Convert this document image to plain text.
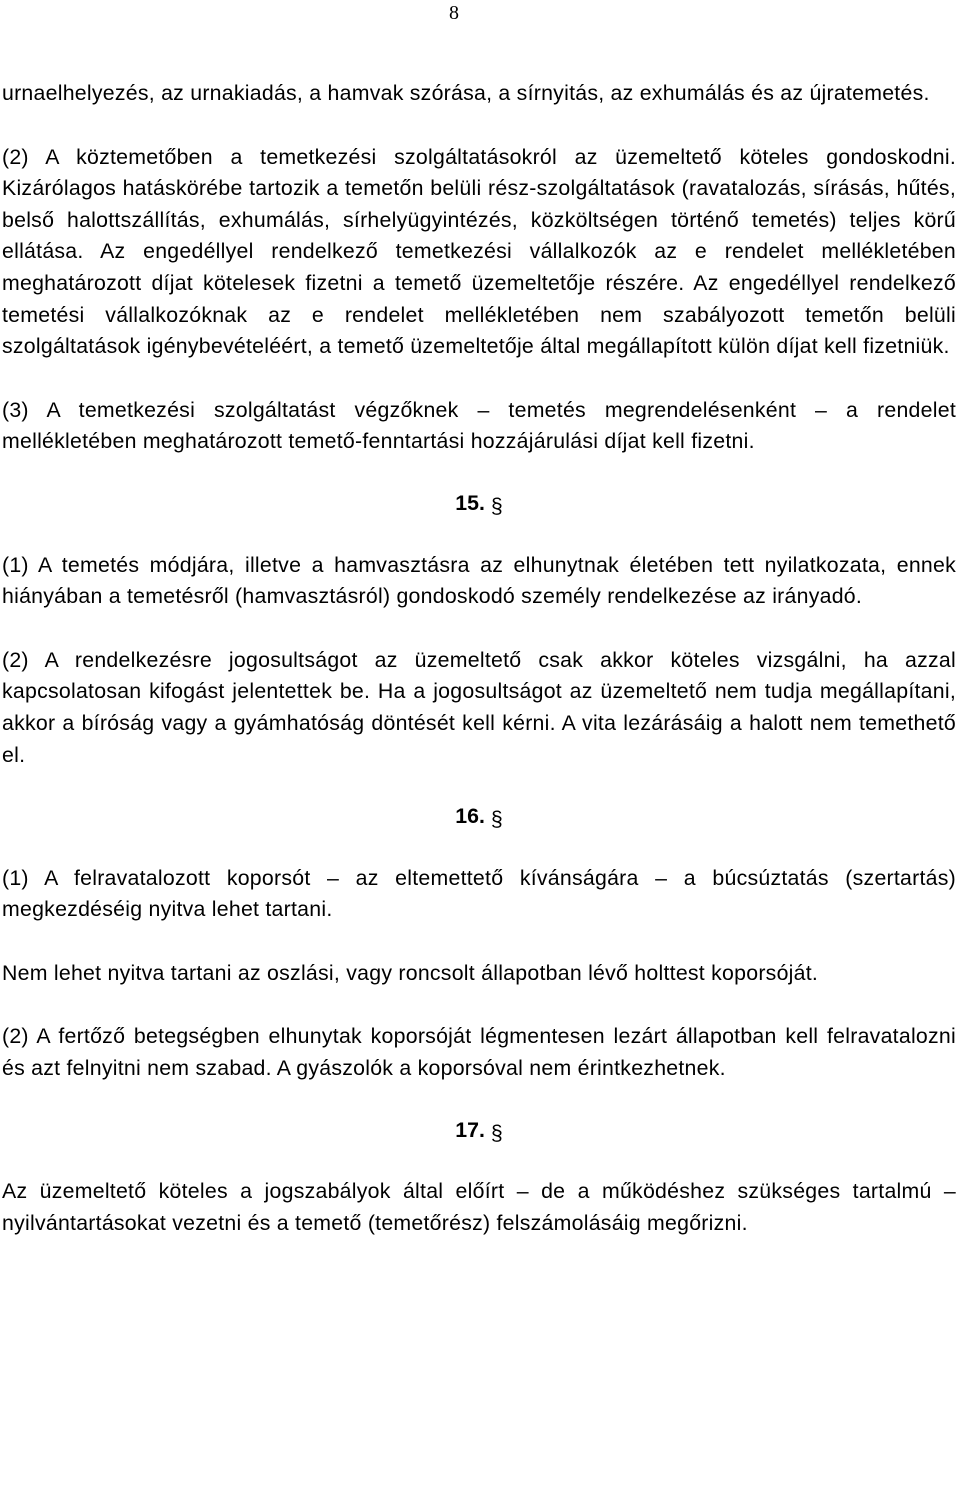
8

urnaelhelyezés, az urnakiadás, a hamvak szórása, a sírnyitás, az exhumálás és az újratemetés.

(2) A köztemetőben a temetkezési szolgáltatásokról az üzemeltető köteles gondoskodni. Kizárólagos hatáskörébe tartozik a temetőn belüli rész-szolgáltatások (ravatalozás, sírásás, hűtés, belső halottszállítás, exhumálás, sírhelyügyintézés, közköltségen történő temetés) teljes körű ellátása. Az engedéllyel rendelkező temetkezési vállalkozók az e rendelet mellékletében meghatározott díjat kötelesek fizetni a temető üzemeltetője részére. Az engedéllyel rendelkező temetési vállalkozóknak az e rendelet mellékletében nem szabályozott temetőn belüli szolgáltatások igénybevételéért, a temető üzemeltetője által megállapított külön díjat kell fizetniük.

(3) A temetkezési szolgáltatást végzőknek – temetés megrendelésenként – a rendelet mellékletében meghatározott temető-fenntartási hozzájárulási díjat kell fizetni.

15. §

(1) A temetés módjára, illetve a hamvasztásra az elhunytnak életében tett nyilatkozata, ennek hiányában a temetésről (hamvasztásról) gondoskodó személy rendelkezése az irányadó.

(2) A rendelkezésre jogosultságot az üzemeltető csak akkor köteles vizsgálni, ha azzal kapcsolatosan kifogást jelentettek be. Ha a jogosultságot az üzemeltető nem tudja megállapítani, akkor a bíróság vagy a gyámhatóság döntését kell kérni. A vita lezárásáig a halott nem temethető el.

16. §

(1) A felravatalozott koporsót – az eltemettető kívánságára – a búcsúztatás (szertartás) megkezdéséig nyitva lehet tartani.

Nem lehet nyitva tartani az oszlási, vagy roncsolt állapotban lévő holttest koporsóját.

(2) A fertőző betegségben elhunytak koporsóját légmentesen lezárt állapotban kell felravatalozni és azt felnyitni nem szabad. A gyászolók a koporsóval nem érintkezhetnek.

17. §

Az üzemeltető köteles a jogszabályok által előírt – de a működéshez szükséges tartalmú – nyilvántartásokat vezetni és a temető (temetőrész) felszámolásáig megőrizni.
